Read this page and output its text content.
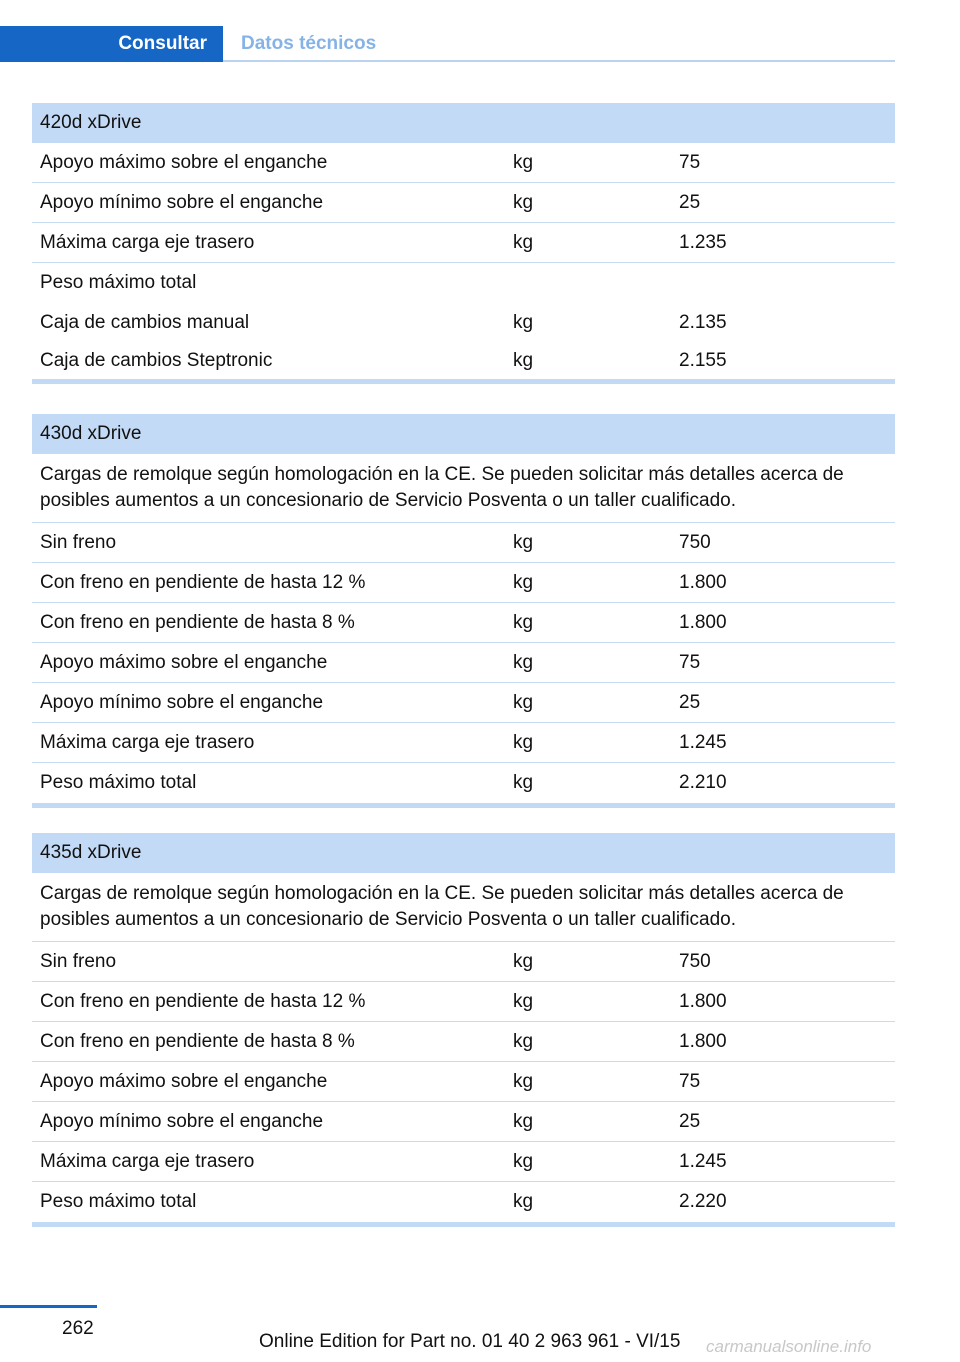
Consultar	Datos técnicos
420d xDrive
Apoyo máximo sobre el enganche	kg	75
Apoyo mínimo sobre el enganche	kg	25
Máxima carga eje trasero	kg	1.235
Peso máximo total
Caja de cambios manual	kg	2.135
Caja de cambios Steptronic	kg	2.155
430d xDrive
Cargas de remolque según homologación en la CE. Se pueden solicitar más detalles acerca de posibles aumentos a un concesionario de Servicio Posventa o un taller cualificado.
Sin freno	kg	750
Con freno en pendiente de hasta 12 %	kg	1.800
Con freno en pendiente de hasta 8 %	kg	1.800
Apoyo máximo sobre el enganche	kg	75
Apoyo mínimo sobre el enganche	kg	25
Máxima carga eje trasero	kg	1.245
Peso máximo total	kg	2.210
435d xDrive
Cargas de remolque según homologación en la CE. Se pueden solicitar más detalles acerca de posibles aumentos a un concesionario de Servicio Posventa o un taller cualificado.
Sin freno	kg	750
Con freno en pendiente de hasta 12 %	kg	1.800
Con freno en pendiente de hasta 8 %	kg	1.800
Apoyo máximo sobre el enganche	kg	75
Apoyo mínimo sobre el enganche	kg	25
Máxima carga eje trasero	kg	1.245
Peso máximo total	kg	2.220
262
Online Edition for Part no. 01 40 2 963 961 - VI/15 carmanualsonline.info
